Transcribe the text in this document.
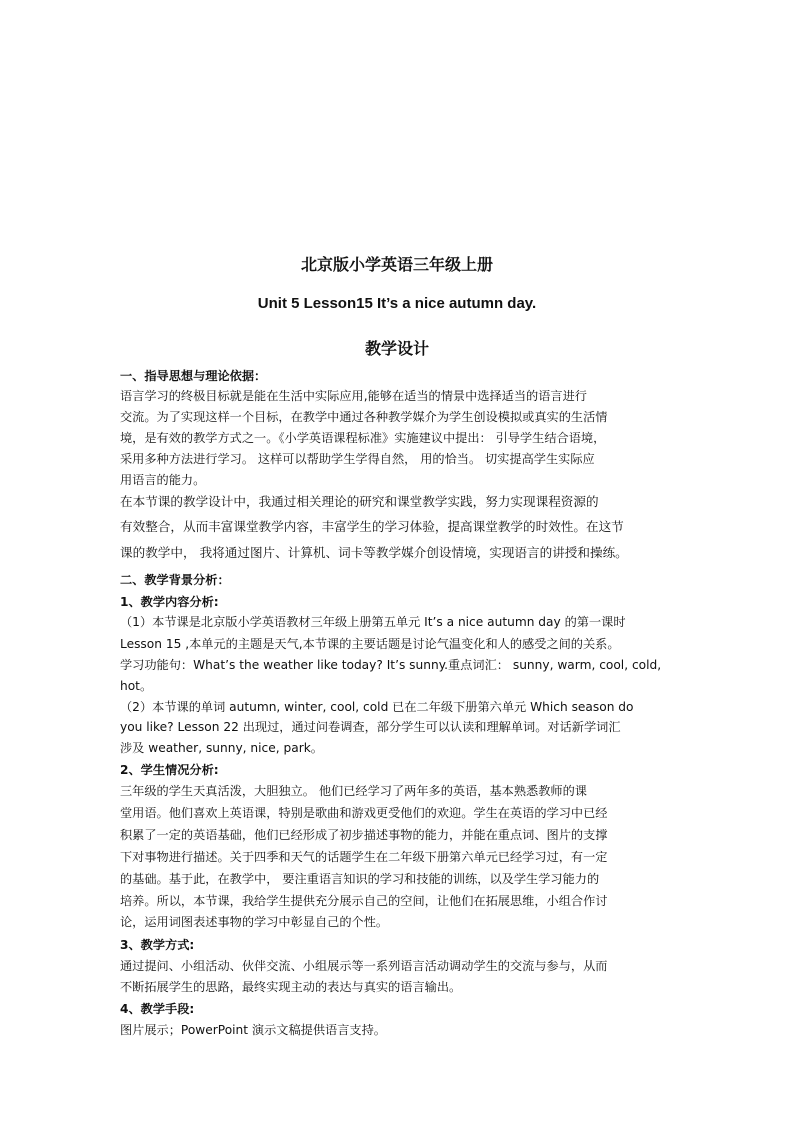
北京版小学英语三年级上册
Unit 5 Lesson15 It’s a nice autumn day.
教学设计
一、指导思想与理论依据：
语言学习的终极目标就是能在生活中实际应用,能够在适当的情景中选择适当的语言进行
交流。为了实现这样一个目标，在教学中通过各种教学媒介为学生创设模拟或真实的生活情
境，是有效的教学方式之一。《小学英语课程标准》实施建议中提出： 引导学生结合语境，
采用多种方法进行学习。 这样可以帮助学生学得自然， 用的恰当。 切实提高学生实际应
用语言的能力。
在本节课的教学设计中，我通过相关理论的研究和课堂教学实践，努力实现课程资源的
有效整合，从而丰富课堂教学内容，丰富学生的学习体验，提高课堂教学的时效性。在这节
课的教学中， 我将通过图片、计算机、词卡等教学媒介创设情境，实现语言的讲授和操练。
二、教学背景分析：
1、教学内容分析:
（1）本节课是北京版小学英语教材三年级上册第五单元 It’s a nice autumn day 的第一课时
Lesson 15 ,本单元的主题是天气,本节课的主要话题是讨论气温变化和人的感受之间的关系。
学习功能句：What’s the weather like today? It’s sunny.重点词汇： sunny, warm, cool, cold,
hot。
（2）本节课的单词 autumn, winter, cool, cold 已在二年级下册第六单元 Which season do
you like? Lesson 22 出现过，通过问卷调查，部分学生可以认读和理解单词。对话新学词汇
涉及 weather, sunny, nice, park。
2、学生情况分析:
三年级的学生天真活泼，大胆独立。 他们已经学习了两年多的英语，基本熟悉教师的课
堂用语。他们喜欢上英语课，特别是歌曲和游戏更受他们的欢迎。学生在英语的学习中已经
积累了一定的英语基础，他们已经形成了初步描述事物的能力，并能在重点词、图片的支撑
下对事物进行描述。关于四季和天气的话题学生在二年级下册第六单元已经学习过，有一定
的基础。基于此，在教学中， 要注重语言知识的学习和技能的训练，以及学生学习能力的
培养。所以，本节课，我给学生提供充分展示自己的空间，让他们在拓展思维，小组合作讨
论，运用词图表述事物的学习中彰显自己的个性。
3、教学方式:
通过提问、小组活动、伙伴交流、小组展示等一系列语言活动调动学生的交流与参与，从而
不断拓展学生的思路，最终实现主动的表达与真实的语言输出。
4、教学手段:
图片展示；PowerPoint 演示文稿提供语言支持。
